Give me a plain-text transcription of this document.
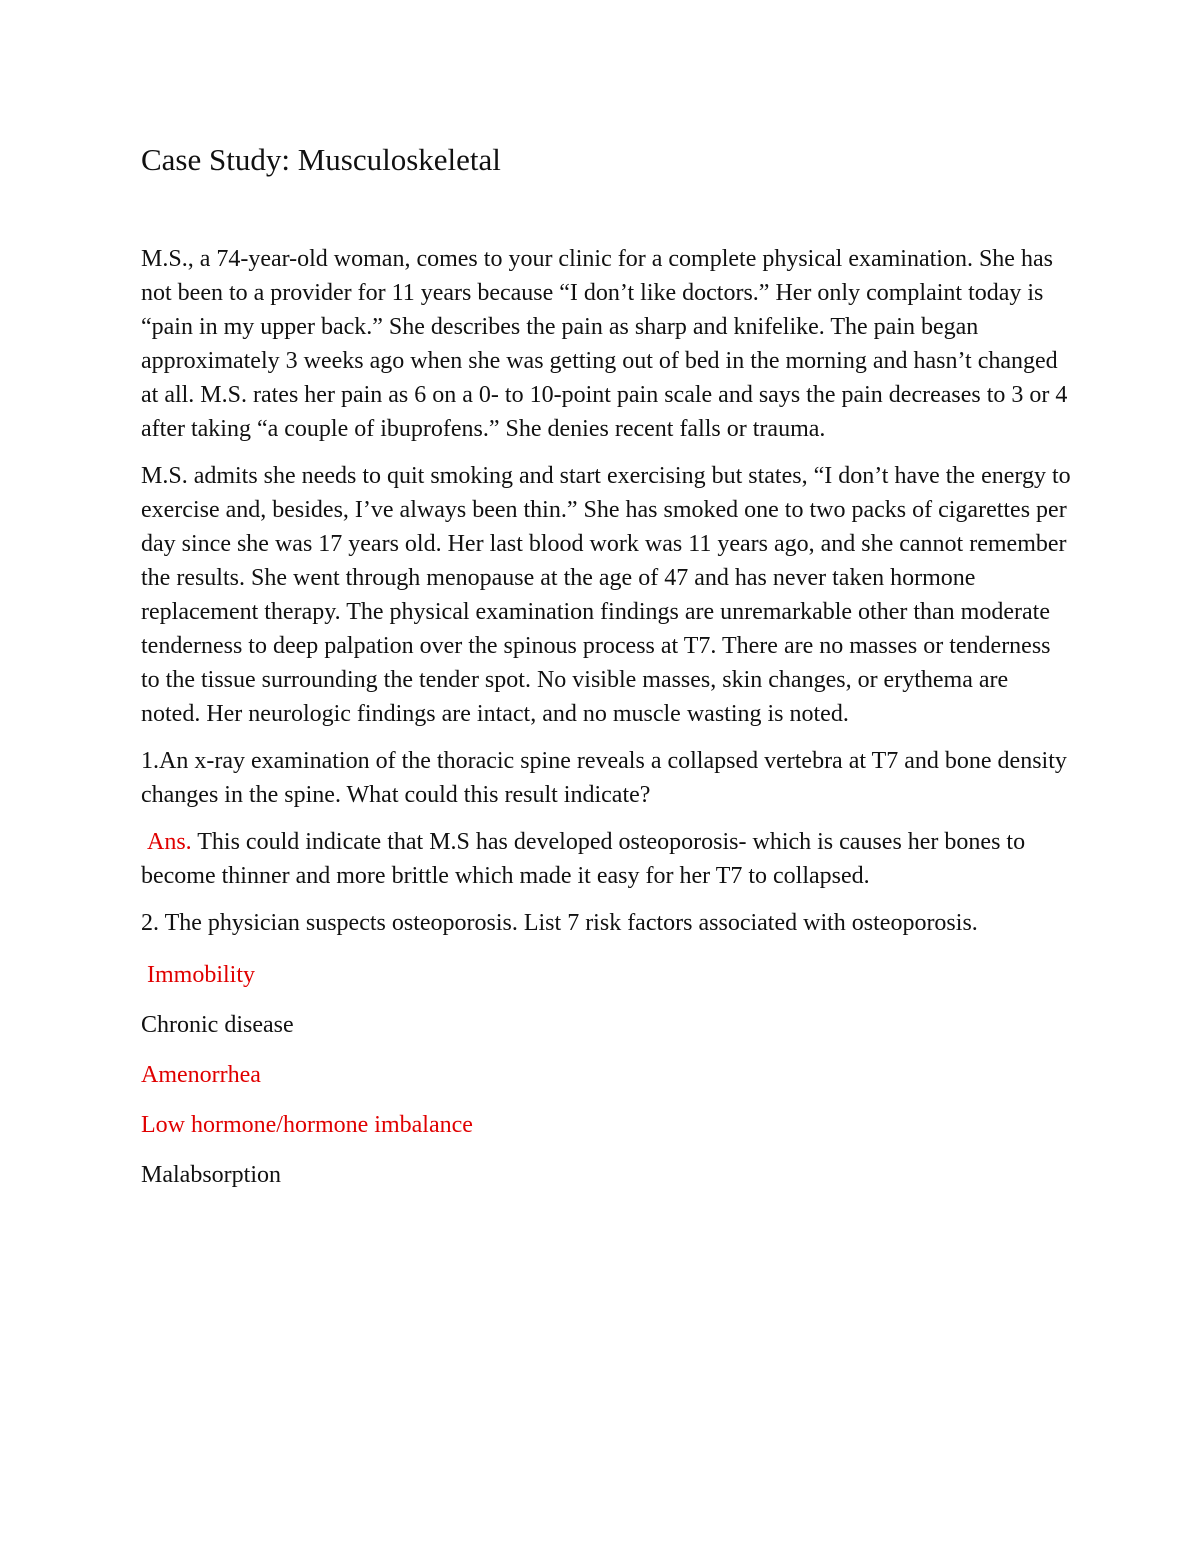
Case Study: Musculoskeletal

M.S., a 74-year-old woman, comes to your clinic for a complete physical examination. She has not been to a provider for 11 years because “I don’t like doctors.” Her only complaint today is “pain in my upper back.” She describes the pain as sharp and knifelike. The pain began approximately 3 weeks ago when she was getting out of bed in the morning and hasn’t changed at all. M.S. rates her pain as 6 on a 0- to 10-point pain scale and says the pain decreases to 3 or 4 after taking “a couple of ibuprofens.” She denies recent falls or trauma.

M.S. admits she needs to quit smoking and start exercising but states, “I don’t have the energy to exercise and, besides, I’ve always been thin.” She has smoked one to two packs of cigarettes per day since she was 17 years old. Her last blood work was 11 years ago, and she cannot remember the results. She went through menopause at the age of 47 and has never taken hormone replacement therapy. The physical examination findings are unremarkable other than moderate tenderness to deep palpation over the spinous process at T7. There are no masses or tenderness to the tissue surrounding the tender spot. No visible masses, skin changes, or erythema are noted. Her neurologic findings are intact, and no muscle wasting is noted.

1.An x-ray examination of the thoracic spine reveals a collapsed vertebra at T7 and bone density changes in the spine. What could this result indicate?

Ans. This could indicate that M.S has developed osteoporosis- which is causes her bones to become thinner and more brittle which made it easy for her T7 to collapsed.

2. The physician suspects osteoporosis. List 7 risk factors associated with osteoporosis.

Immobility

Chronic disease

Amenorrhea

Low hormone/hormone imbalance

Malabsorption
